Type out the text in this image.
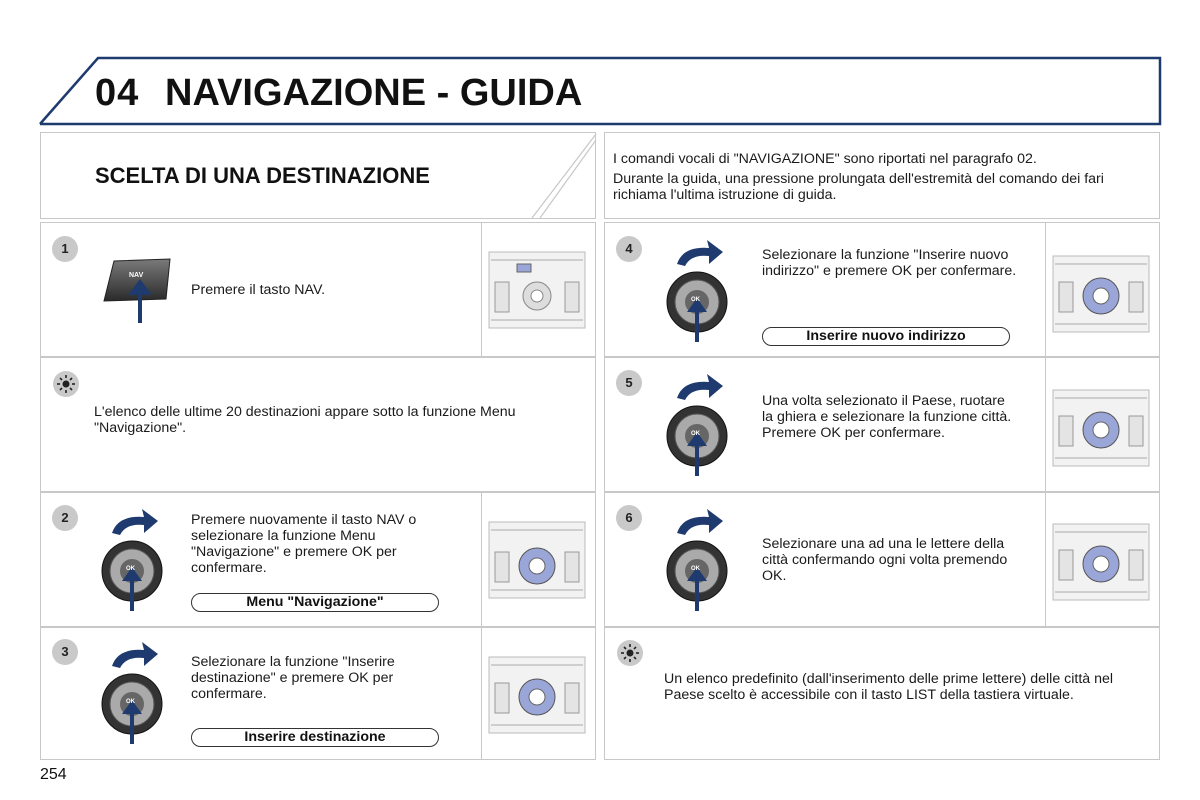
04 NAVIGAZIONE - GUIDA
SCELTA DI UNA DESTINAZIONE
I comandi vocali di "NAVIGAZIONE" sono riportati nel paragrafo 02.
Durante la guida, una pressione prolungata dell'estremità del comando dei fari richiama l'ultima istruzione di guida.
1
NAV
Premere il tasto NAV.
L'elenco delle ultime 20 destinazioni appare sotto la funzione Menu "Navigazione".
2
OK
Premere nuovamente il tasto NAV o selezionare la funzione Menu "Navigazione" e premere OK per confermare.
Menu "Navigazione"
3
OK
Selezionare la funzione "Inserire destinazione" e premere OK per confermare.
Inserire destinazione
4
OK
Selezionare la funzione "Inserire nuovo indirizzo" e premere OK per confermare.
Inserire nuovo indirizzo
5
OK
Una volta selezionato il Paese, ruotare la ghiera e selezionare la funzione città. Premere OK per confermare.
6
OK
Selezionare una ad una le lettere della città confermando ogni volta premendo OK.
Un elenco predefinito (dall'inserimento delle prime lettere) delle città nel Paese scelto è accessibile con il tasto LIST della tastiera virtuale.
254
